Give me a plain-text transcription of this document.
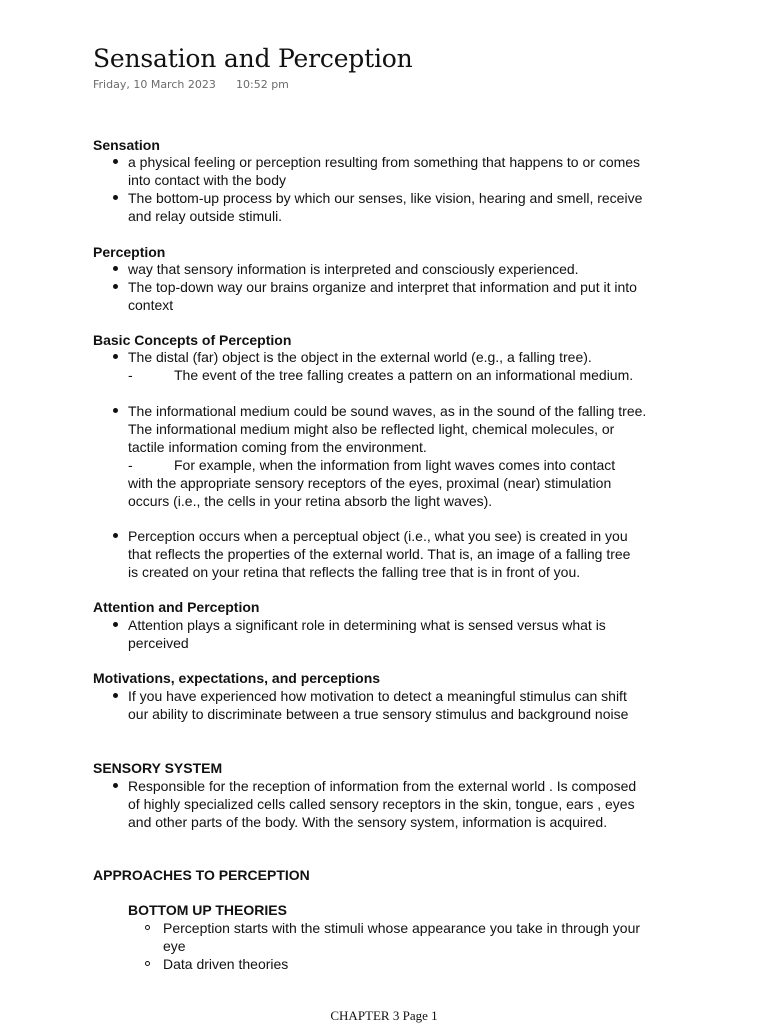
Sensation and Perception
Friday, 10 March 2023 10:52 pm
Sensation
a physical feeling or perception resulting from something that happens to or comes
into contact with the body
The bottom-up process by which our senses, like vision, hearing and smell, receive
and relay outside stimuli.
Perception
way that sensory information is interpreted and consciously experienced.
The top-down way our brains organize and interpret that information and put it into
context
Basic Concepts of Perception
The distal (far) object is the object in the external world (e.g., a falling tree).
-	The event of the tree falling creates a pattern on an informational medium.
The informational medium could be sound waves, as in the sound of the falling tree.
The informational medium might also be reflected light, chemical molecules, or
tactile information coming from the environment.
-	For example, when the information from light waves comes into contact
with the appropriate sensory receptors of the eyes, proximal (near) stimulation
occurs (i.e., the cells in your retina absorb the light waves).
Perception occurs when a perceptual object (i.e., what you see) is created in you
that reflects the properties of the external world. That is, an image of a falling tree
is created on your retina that reflects the falling tree that is in front of you.
Attention and Perception
Attention plays a significant role in determining what is sensed versus what is
perceived
Motivations, expectations, and perceptions
If you have experienced how motivation to detect a meaningful stimulus can shift
our ability to discriminate between a true sensory stimulus and background noise
SENSORY SYSTEM
Responsible for the reception of information from the external world . Is composed
of highly specialized cells called sensory receptors in the skin, tongue, ears , eyes
and other parts of the body. With the sensory system, information is acquired.
APPROACHES TO PERCEPTION
BOTTOM UP THEORIES
Perception starts with the stimuli whose appearance you take in through your
eye
Data driven theories
CHAPTER 3 Page 1
